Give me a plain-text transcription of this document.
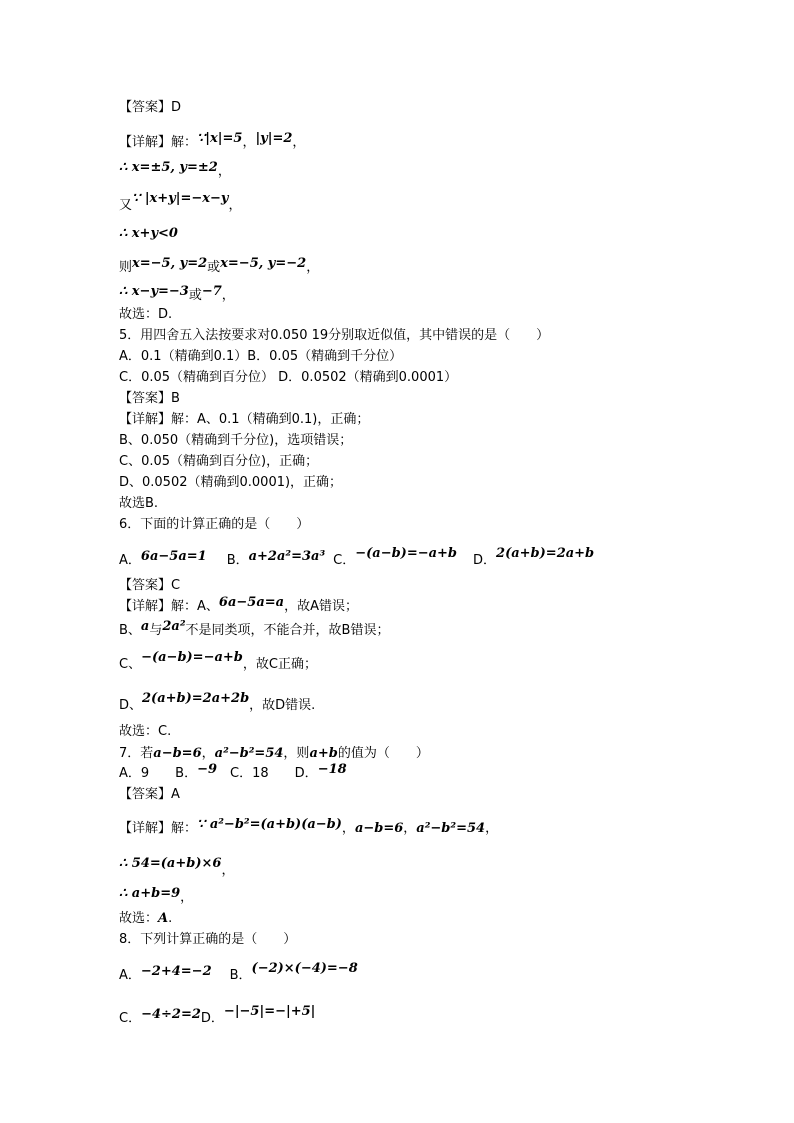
【答案】D
【详解】解：∵|x|=5，|y|=2，
∴ x=±5, y=±2，
又∵ |x+y|=−x−y，
∴ x+y<0
则x=−5, y=2或x=−5, y=−2，
∴ x−y=−3或−7，
故选：D.
5．用四舍五入法按要求对0.050 19分别取近似值，其中错误的是（　　）
A．0.1（精确到0.1）B．0.05（精确到千分位）
C．0.05（精确到百分位） D．0.0502（精确到0.0001）
【答案】B
【详解】解：A、0.1（精确到0.1)，正确；
B、0.050（精确到千分位)，选项错误；
C、0.05（精确到百分位)，正确；
D、0.0502（精确到0.0001)，正确；
故选B.
6．下面的计算正确的是（　　）
A．6a−5a=1 B．a+2a²=3a³ C．−(a−b)=−a+b D．2(a+b)=2a+b
【答案】C
【详解】解：A、6a−5a=a，故A错误；
B、a与2a²不是同类项，不能合并，故B错误；
C、−(a−b)=−a+b，故C正确；
D、2(a+b)=2a+2b，故D错误.
故选：C.
7．若a−b=6，a²−b²=54，则a+b的值为（　　）
A．9　　B．−9　C．18　　D．−18
【答案】A
【详解】解：∵ a²−b²=(a+b)(a−b)，a−b=6，a²−b²=54，
∴ 54=(a+b)×6，
∴ a+b=9，
故选：A.
8．下列计算正确的是（　　）
A．−2+4=−2 B．(−2)×(−4)=−8
C．−4÷2=2D．−|−5|=−|+5|
